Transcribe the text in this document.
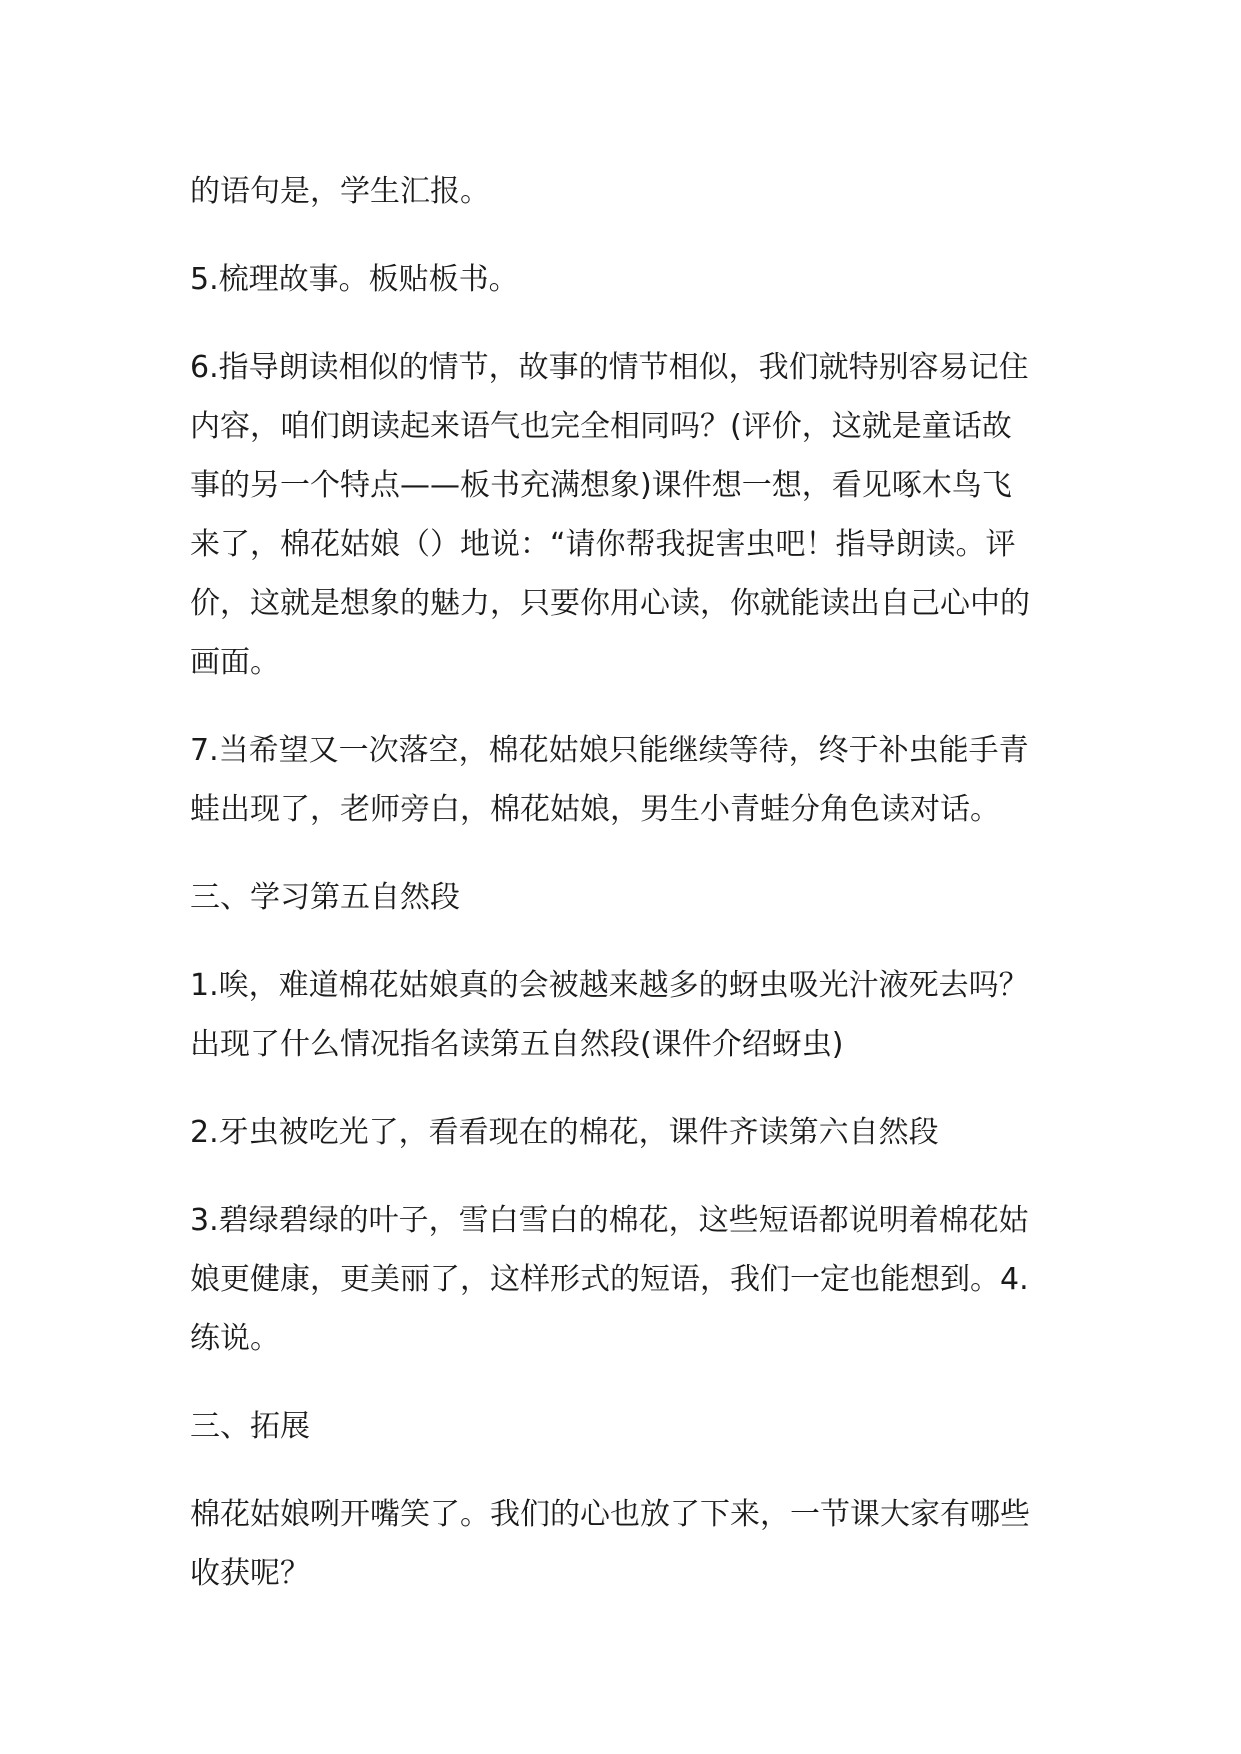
的语句是，学生汇报。

5.梳理故事。板贴板书。

6.指导朗读相似的情节，故事的情节相似，我们就特别容易记住
内容，咱们朗读起来语气也完全相同吗？(评价，这就是童话故
事的另一个特点——板书充满想象)课件想一想，看见啄木鸟飞
来了，棉花姑娘（）地说：“请你帮我捉害虫吧！指导朗读。评
价，这就是想象的魅力，只要你用心读，你就能读出自己心中的
画面。

7.当希望又一次落空，棉花姑娘只能继续等待，终于补虫能手青
蛙出现了，老师旁白，棉花姑娘，男生小青蛙分角色读对话。

三、学习第五自然段

1.唉，难道棉花姑娘真的会被越来越多的蚜虫吸光汁液死去吗？
出现了什么情况指名读第五自然段(课件介绍蚜虫)

2.牙虫被吃光了，看看现在的棉花，课件齐读第六自然段

3.碧绿碧绿的叶子，雪白雪白的棉花，这些短语都说明着棉花姑
娘更健康，更美丽了，这样形式的短语，我们一定也能想到。4.
练说。

三、拓展

棉花姑娘咧开嘴笑了。我们的心也放了下来，一节课大家有哪些
收获呢？
